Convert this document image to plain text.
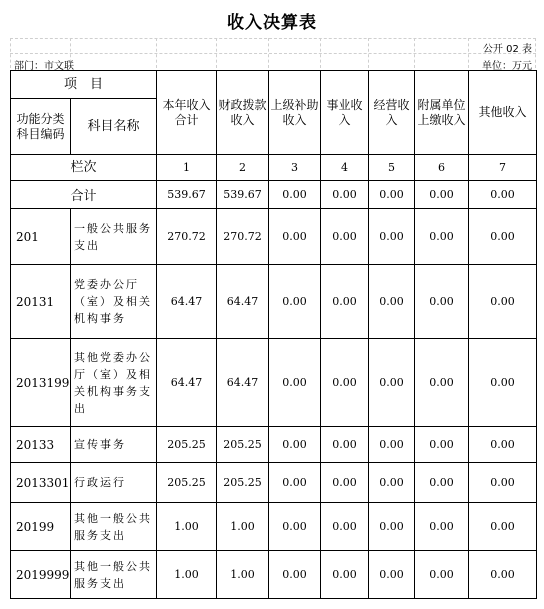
收入决算表
公开 02 表
部门：市文联	单位：万元
项　目		本年收入合计	财政拨款收入	上级补助收入	事业收入	经营收入	附属单位上缴收入	其他收入
功能分类科目编码	科目名称							
栏次		1	2	3	4	5	6	7
合计		539.67	539.67	0.00	0.00	0.00	0.00	0.00
201	一般公共服务支出	270.72	270.72	0.00	0.00	0.00	0.00	0.00
20131	党委办公厅（室）及相关机构事务	64.47	64.47	0.00	0.00	0.00	0.00	0.00
2013199	其他党委办公厅（室）及相关机构事务支出	64.47	64.47	0.00	0.00	0.00	0.00	0.00
20133	宣传事务	205.25	205.25	0.00	0.00	0.00	0.00	0.00
2013301	行政运行	205.25	205.25	0.00	0.00	0.00	0.00	0.00
20199	其他一般公共服务支出	1.00	1.00	0.00	0.00	0.00	0.00	0.00
2019999	其他一般公共服务支出	1.00	1.00	0.00	0.00	0.00	0.00	0.00
